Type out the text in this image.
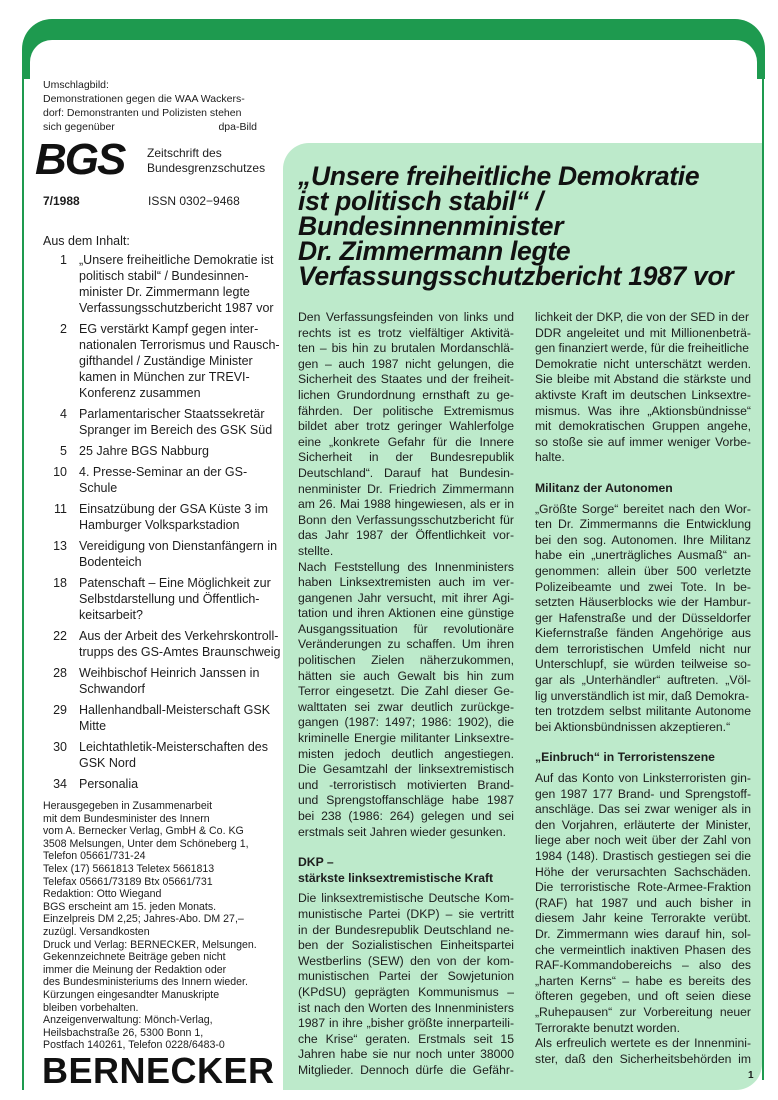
Umschlagbild:
Demonstrationen gegen die WAA Wackers-
dorf: Demonstranten und Polizisten stehen
sich gegenüber	dpa-Bild
BGS Zeitschrift des
Bundesgrenzschutzes
7/1988	ISSN 0302−9468
Aus dem Inhalt:
1 „Unsere freiheitliche Demokratie ist politisch stabil“ / Bundesinnen-minister Dr. Zimmermann legte Verfassungsschutzbericht 1987 vor
2 EG verstärkt Kampf gegen inter-nationalen Terrorismus und Rausch-gifthandel / Zuständige Minister kamen in München zur TREVI-Konferenz zusammen
4 Parlamentarischer Staatssekretär Spranger im Bereich des GSK Süd
5 25 Jahre BGS Nabburg
10 4. Presse-Seminar an der GS-Schule
11 Einsatzübung der GSA Küste 3 im Hamburger Volksparkstadion
13 Vereidigung von Dienstanfängern in Bodenteich
18 Patenschaft – Eine Möglichkeit zur Selbstdarstellung und Öffentlich-keitsarbeit?
22 Aus der Arbeit des Verkehrskontroll-trupps des GS-Amtes Braunschweig
28 Weihbischof Heinrich Janssen in Schwandorf
29 Hallenhandball-Meisterschaft GSK Mitte
30 Leichtathletik-Meisterschaften des GSK Nord
34 Personalia
Herausgegeben in Zusammenarbeit
mit dem Bundesminister des Innern
vom A. Bernecker Verlag, GmbH & Co. KG
3508 Melsungen, Unter dem Schöneberg 1,
Telefon 05661/731-24
Telex (17) 5661813 Teletex 5661813
Telefax 05661/73189 Btx 05661/731
Redaktion: Otto Wiegand
BGS erscheint am 15. jeden Monats.
Einzelpreis DM 2,25; Jahres-Abo. DM 27,–
zuzügl. Versandkosten
Druck und Verlag: BERNECKER, Melsungen.
Gekennzeichnete Beiträge geben nicht
immer die Meinung der Redaktion oder
des Bundesministeriums des Innern wieder.
Kürzungen eingesandter Manuskripte
bleiben vorbehalten.
Anzeigenverwaltung: Mönch-Verlag,
Heilsbachstraße 26, 5300 Bonn 1,
Postfach 140261, Telefon 0228/6483-0
BERNECKER
„Unsere freiheitliche Demokratie
ist politisch stabil“ /
Bundesinnenminister
Dr. Zimmermann legte
Verfassungsschutzbericht 1987 vor
Den Verfassungsfeinden von links und
rechts ist es trotz vielfältiger Aktivitä-
ten – bis hin zu brutalen Mordanschlä-
gen – auch 1987 nicht gelungen, die
Sicherheit des Staates und der freiheit-
lichen Grundordnung ernsthaft zu ge-
fährden. Der politische Extremismus
bildet aber trotz geringer Wahlerfolge
eine „konkrete Gefahr für die Innere
Sicherheit in der Bundesrepublik
Deutschland“. Darauf hat Bundesin-
nenminister Dr. Friedrich Zimmermann
am 26. Mai 1988 hingewiesen, als er in
Bonn den Verfassungsschutzbericht für
das Jahr 1987 der Öffentlichkeit vor-
stellte.
Nach Feststellung des Innenministers
haben Linksextremisten auch im ver-
gangenen Jahr versucht, mit ihrer Agi-
tation und ihren Aktionen eine günstige
Ausgangssituation für revolutionäre
Veränderungen zu schaffen. Um ihren
politischen Zielen näherzukommen,
hätten sie auch Gewalt bis hin zum
Terror eingesetzt. Die Zahl dieser Ge-
walttaten sei zwar deutlich zurückge-
gangen (1987: 1497; 1986: 1902), die
kriminelle Energie militanter Linksextre-
misten jedoch deutlich angestiegen.
Die Gesamtzahl der linksextremistisch
und -terroristisch motivierten Brand-
und Sprengstoffanschläge habe 1987
bei 238 (1986: 264) gelegen und sei
erstmals seit Jahren wieder gesunken.
DKP –
stärkste linksextremistische Kraft
Die linksextremistische Deutsche Kom-
munistische Partei (DKP) – sie vertritt
in der Bundesrepublik Deutschland ne-
ben der Sozialistischen Einheitspartei
Westberlins (SEW) den von der kom-
munistischen Partei der Sowjetunion
(KPdSU) geprägten Kommunismus –
ist nach den Worten des Innenministers
1987 in ihre „bisher größte innerparteili-
che Krise“ geraten. Erstmals seit 15
Jahren habe sie nur noch unter 38000
Mitglieder. Dennoch dürfe die Gefähr-
lichkeit der DKP, die von der SED in der
DDR angeleitet und mit Millionenbeträ-
gen finanziert werde, für die freiheitliche
Demokratie nicht unterschätzt werden.
Sie bleibe mit Abstand die stärkste und
aktivste Kraft im deutschen Linksextre-
mismus. Was ihre „Aktionsbündnisse“
mit demokratischen Gruppen angehe,
so stoße sie auf immer weniger Vorbe-
halte.
Militanz der Autonomen
„Größte Sorge“ bereitet nach den Wor-
ten Dr. Zimmermanns die Entwicklung
bei den sog. Autonomen. Ihre Militanz
habe ein „unerträgliches Ausmaß“ an-
genommen: allein über 500 verletzte
Polizeibeamte und zwei Tote. In be-
setzten Häuserblocks wie der Hambur-
ger Hafenstraße und der Düsseldorfer
Kiefernstraße fänden Angehörige aus
dem terroristischen Umfeld nicht nur
Unterschlupf, sie würden teilweise so-
gar als „Unterhändler“ auftreten. „Völ-
lig unverständlich ist mir, daß Demokra-
ten trotzdem selbst militante Autonome
bei Aktionsbündnissen akzeptieren.“
„Einbruch“ in Terroristenszene
Auf das Konto von Linksterroristen gin-
gen 1987 177 Brand- und Sprengstoff-
anschläge. Das sei zwar weniger als in
den Vorjahren, erläuterte der Minister,
liege aber noch weit über der Zahl von
1984 (148). Drastisch gestiegen sei die
Höhe der verursachten Sachschäden.
Die terroristische Rote-Armee-Fraktion
(RAF) hat 1987 und auch bisher in
diesem Jahr keine Terrorakte verübt.
Dr. Zimmermann wies darauf hin, sol-
che vermeintlich inaktiven Phasen des
RAF-Kommandobereichs – also des
„harten Kerns“ – habe es bereits des
öfteren gegeben, und oft seien diese
„Ruhepausen“ zur Vorbereitung neuer
Terrorakte benutzt worden.
Als erfreulich wertete es der Innenmini-
ster, daß den Sicherheitsbehörden im
1
